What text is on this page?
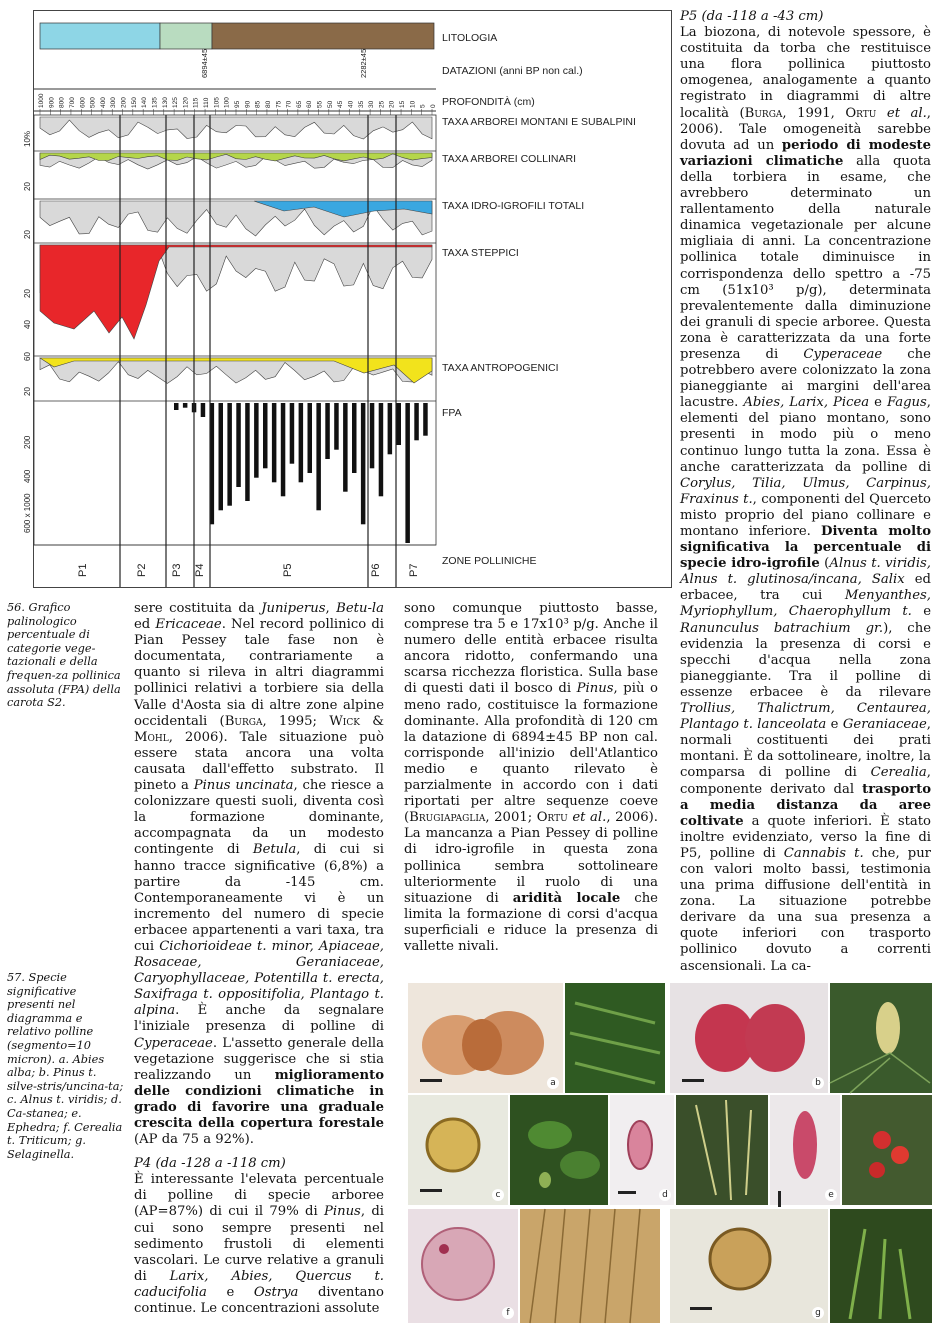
LITOLOGIA
DATAZIONI (anni BP non cal.)
PROFONDITÀ (cm)
TAXA ARBOREI MONTANI E SUBALPINI
TAXA ARBOREI COLLINARI
TAXA IDRO-IGROFILI TOTALI
TAXA STEPPICI
TAXA ANTROPOGENICI
FPA
ZONE POLLINICHE
6894±45	2282±45
1000 900 800 700 600 500 400 300 200 150 140 135 130 125 120 115 110 105 100 95 90 85 80 75 70 65 60 55 50 45 40 35 30 25 20 15 10 5 0
10%
20
20
20
40
60
20
200
400
600 x 1000
P1	P2 P3 P4	P5	P6 P7
56. Grafico palinologico percentuale di categorie vege-tazionali e della frequen-za pollinica assoluta (FPA) della carota S2.
57. Specie significative presenti nel diagramma e relativo polline (segmento=10 micron). a. Abies alba; b. Pinus t. silve-stris/uncina-ta; c. Alnus t. viridis; d. Ca-stanea; e. Ephedra; f. Cerealia t. Triticum; g. Selaginella.

sere costituita da Juniperus, Betu-la ed Ericaceae. Nel record pollinico di Pian Pessey tale fase non è documentata, contrariamente a quanto si rileva in altri diagrammi pollinici relativi a torbiere sia della Valle d'Aosta sia di altre zone alpine occidentali (Burga, 1995; Wick & Mohl, 2006). Tale situazione può essere stata ancora una volta causata dall'effetto substrato. Il pineto a Pinus uncinata, che riesce a colonizzare questi suoli, diventa così la formazione dominante, accompagnata da un modesto contingente di Betula, di cui si hanno tracce significative (6,8%) a partire da -145 cm. Contemporaneamente vi è un incremento del numero di specie erbacee appartenenti a vari taxa, tra cui Cichorioideae t. minor, Apiaceae, Rosaceae, Geraniaceae, Caryophyllaceae, Potentilla t. erecta, Saxifraga t. oppositifolia, Plantago t. alpina. È anche da segnalare l'iniziale presenza di polline di Cyperaceae. L'assetto generale della vegetazione suggerisce che si stia realizzando un miglioramento delle condizioni climatiche in grado di favorire una graduale crescita della copertura forestale (AP da 75 a 92%).

P4 (da -128 a -118 cm)

È interessante l'elevata percentuale di polline di specie arboree (AP=87%) di cui il 79% di Pinus, di cui sono sempre presenti nel sedimento frustoli di elementi vascolari. Le curve relative a granuli di Larix, Abies, Quercus t. caducifolia e Ostrya diventano continue. Le concentrazioni assolute

sono comunque piuttosto basse, comprese tra 5 e 17x10³ p/g. Anche il numero delle entità erbacee risulta ancora ridotto, confermando una scarsa ricchezza floristica. Sulla base di questi dati il bosco di Pinus, più o meno rado, costituisce la formazione dominante. Alla profondità di 120 cm la datazione di 6894±45 BP non cal. corrisponde all'inizio dell'Atlantico medio e quanto rilevato è parzialmente in accordo con i dati riportati per altre sequenze coeve (Brugiapaglia, 2001; Ortu et al., 2006). La mancanza a Pian Pessey di polline di idro-igrofile in questa zona pollinica sembra sottolineare ulteriormente il ruolo di una situazione di aridità locale che limita la formazione di corsi d'acqua superficiali e riduce la presenza di vallette nivali.

P5 (da -118 a -43 cm)

La biozona, di notevole spessore, è costituita da torba che restituisce una flora pollinica piuttosto omogenea, analogamente a quanto registrato in diagrammi di altre località (Burga, 1991, Ortu et al., 2006). Tale omogeneità sarebbe dovuta ad un periodo di modeste variazioni climatiche alla quota della torbiera in esame, che avrebbero determinato un rallentamento della naturale dinamica vegetazionale per alcune migliaia di anni. La concentrazione pollinica totale diminuisce in corrispondenza dello spettro a -75 cm (51x10³ p/g), determinata prevalentemente dalla diminuzione dei granuli di specie arboree. Questa zona è caratterizzata da una forte presenza di Cyperaceae che potrebbero avere colonizzato la zona pianeggiante ai margini dell'area lacustre. Abies, Larix, Picea e Fagus, elementi del piano montano, sono presenti in modo più o meno continuo lungo tutta la zona. Essa è anche caratterizzata da polline di Corylus, Tilia, Ulmus, Carpinus, Fraxinus t., componenti del Querceto misto proprio del piano collinare e montano inferiore. Diventa molto significativa la percentuale di specie idro-igrofile (Alnus t. viridis, Alnus t. glutinosa/incana, Salix ed erbacee, tra cui Menyanthes, Myriophyllum, Chaerophyllum t. e Ranunculus batrachium gr.), che evidenzia la presenza di corsi e specchi d'acqua nella zona pianeggiante. Tra il polline di essenze erbacee è da rilevare Trollius, Thalictrum, Centaurea, Plantago t. lanceolata e Geraniaceae, normali costituenti dei prati montani. È da sottolineare, inoltre, la comparsa di polline di Cerealia, componente derivato dal trasporto a media distanza da aree coltivate a quote inferiori. È stato inoltre evidenziato, verso la fine di P5, polline di Cannabis t. che, pur con valori molto bassi, testimonia una prima diffusione dell'entità in zona. La situazione potrebbe derivare da una sua presenza a quote inferiori con trasporto pollinico dovuto a correnti ascensionali. La ca-

a	b
c	d	e
f	g
